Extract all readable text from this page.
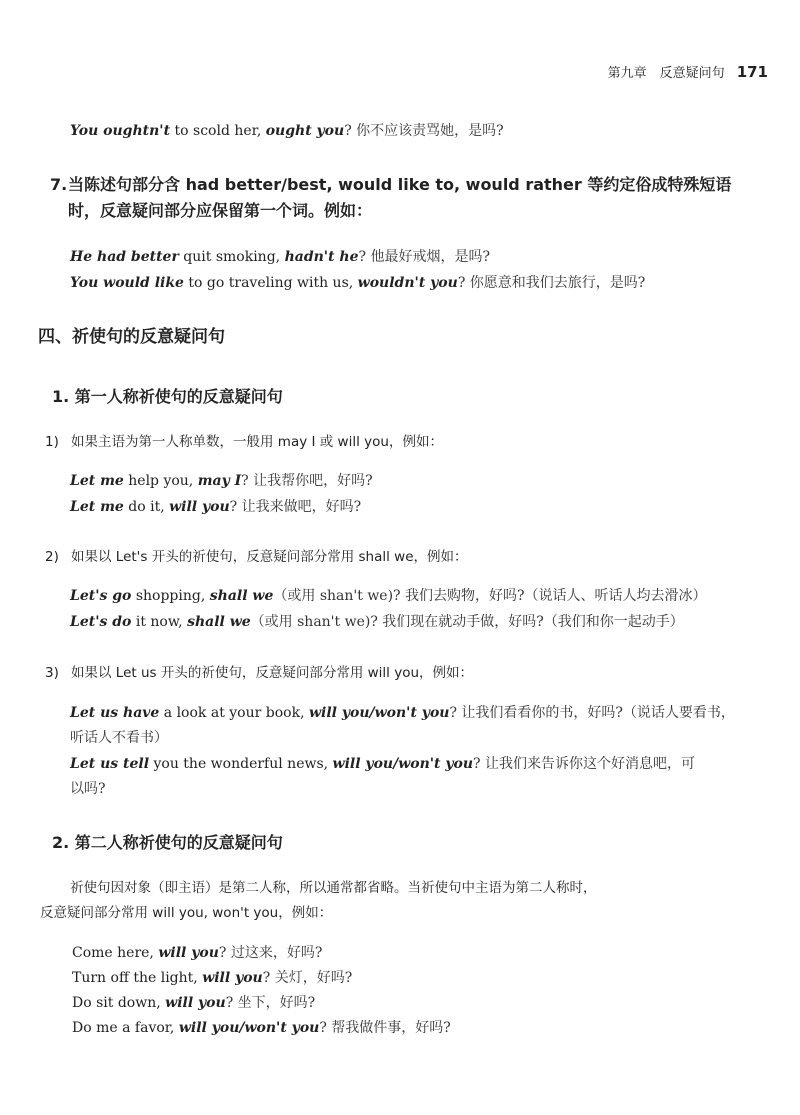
第九章　反意疑问句 171
You oughtn't to scold her, ought you? 你不应该责骂她，是吗?
7. 当陈述句部分含 had better/best, would like to, would rather 等约定俗成特殊短语时，反意疑问部分应保留第一个词。例如：
He had better quit smoking, hadn't he? 他最好戒烟，是吗?
You would like to go traveling with us, wouldn't you? 你愿意和我们去旅行，是吗?
四、祈使句的反意疑问句
1. 第一人称祈使句的反意疑问句
1) 如果主语为第一人称单数，一般用 may I 或 will you，例如：
Let me help you, may I? 让我帮你吧，好吗?
Let me do it, will you? 让我来做吧，好吗?
2) 如果以 Let's 开头的祈使句，反意疑问部分常用 shall we，例如：
Let's go shopping, shall we（或用 shan't we)? 我们去购物，好吗?（说话人、听话人均去滑冰）
Let's do it now, shall we（或用 shan't we)? 我们现在就动手做，好吗?（我们和你一起动手）
3) 如果以 Let us 开头的祈使句，反意疑问部分常用 will you，例如：
Let us have a look at your book, will you/won't you? 让我们看看你的书，好吗?（说话人要看书，
听话人不看书）
Let us tell you the wonderful news, will you/won't you? 让我们来告诉你这个好消息吧，可
以吗?
2. 第二人称祈使句的反意疑问句
祈使句因对象（即主语）是第二人称，所以通常都省略。当祈使句中主语为第二人称时，
反意疑问部分常用 will you, won't you，例如：
Come here, will you? 过这来，好吗?
Turn off the light, will you? 关灯，好吗?
Do sit down, will you? 坐下，好吗?
Do me a favor, will you/won't you? 帮我做件事，好吗?
